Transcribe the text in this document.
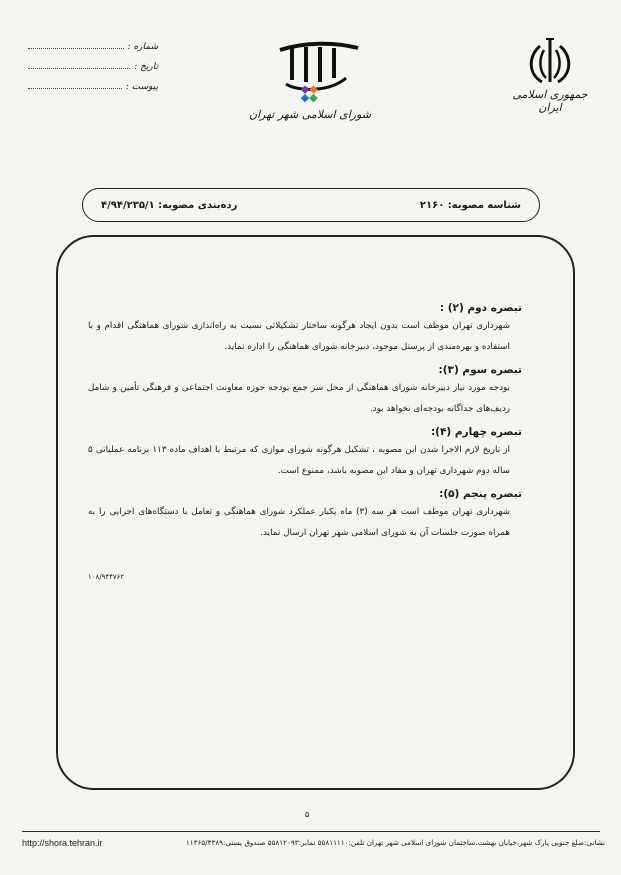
شماره :
تاریخ :
پیوست :
شورای اسلامی شهر تهران
جمهوری اسلامی ایران
شناسه مصوبه: ۲۱۶۰
رده‌بندی مصوبه: ۴/۹۴/۲۳۵/۱

تبصره دوم (۲) :

شهرداری تهران موظف است بدون ایجاد هرگونه ساختار تشکیلاتی نسبت به راه‌اندازی شورای هماهنگی اقدام و با استفاده و بهره‌مندی از پرسنل موجود، دبیرخانه شورای هماهنگی را اداره نماید.

تبصره سوم (۳):

بودجه مورد نیاز دبیرخانه شورای هماهنگی از محل سر جمع بودجه حوزه معاونت اجتماعی و فرهنگی تأمین و شامل ردیف‌های جداگانه بودجه‌ای نخواهد بود.

تبصره چهارم (۴):

از تاریخ لازم الاجرا شدن این مصوبه ، تشکیل هرگونه شورای موازی که مرتبط با اهداف ماده ۱۱۳ برنامه عملیاتی ۵ ساله دوم شهرداری تهران و مفاد این مصوبه باشد، ممنوع است.

تبصره پنجم (۵):

شهرداری تهران موظف است هر سه (۳) ماه یکبار عملکرد شورای هماهنگی و تعامل با دستگاه‌های اجرایی را به همراه صورت جلسات آن به شورای اسلامی شهر تهران ارسال نماید.

۱۰۸/۹۴۴۷۶۲
۵
نشانی:ضلع جنوبی پارک شهر،خیابان بهشت،ساختمان شورای اسلامی شهر تهران تلفن:۵۵۸۱۱۱۱۰ نمابر:۵۵۸۱۲۰۹۳ صندوق پستی:۱۱۳۶۵/۴۳۸۹
http://shora.tehran.ir
